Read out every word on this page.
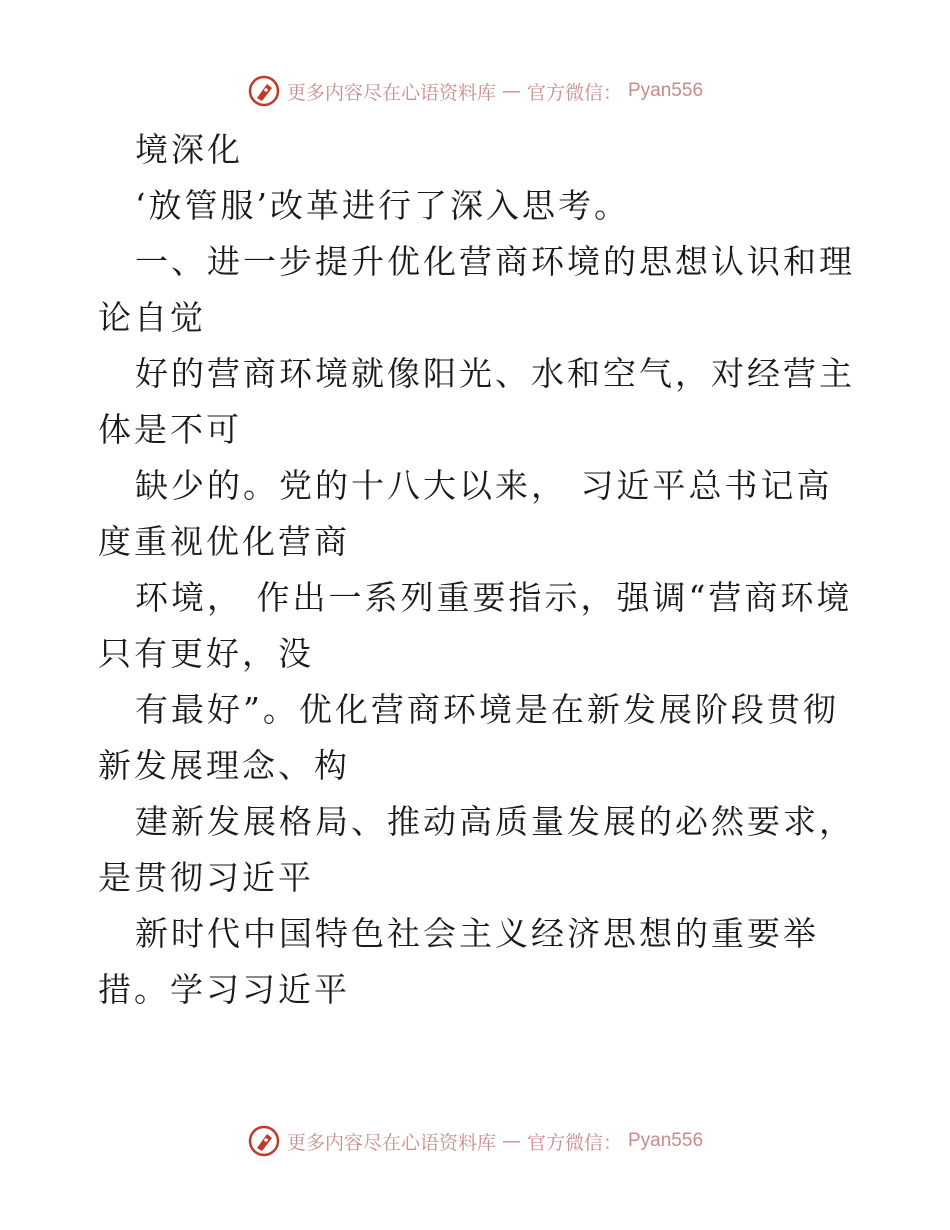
更多内容尽在心语资料库 — 官方微信： Pyan556

境深化

‘放管服’改革进行了深入思考。

一、进一步提升优化营商环境的思想认识和理论自觉

好的营商环境就像阳光、水和空气，对经营主体是不可

缺少的。党的十八大以来， 习近平总书记高度重视优化营商

环境， 作出一系列重要指示，强调“营商环境只有更好，没

有最好”。优化营商环境是在新发展阶段贯彻新发展理念、构

建新发展格局、推动高质量发展的必然要求， 是贯彻习近平

新时代中国特色社会主义经济思想的重要举措。学习习近平

更多内容尽在心语资料库 — 官方微信： Pyan556
